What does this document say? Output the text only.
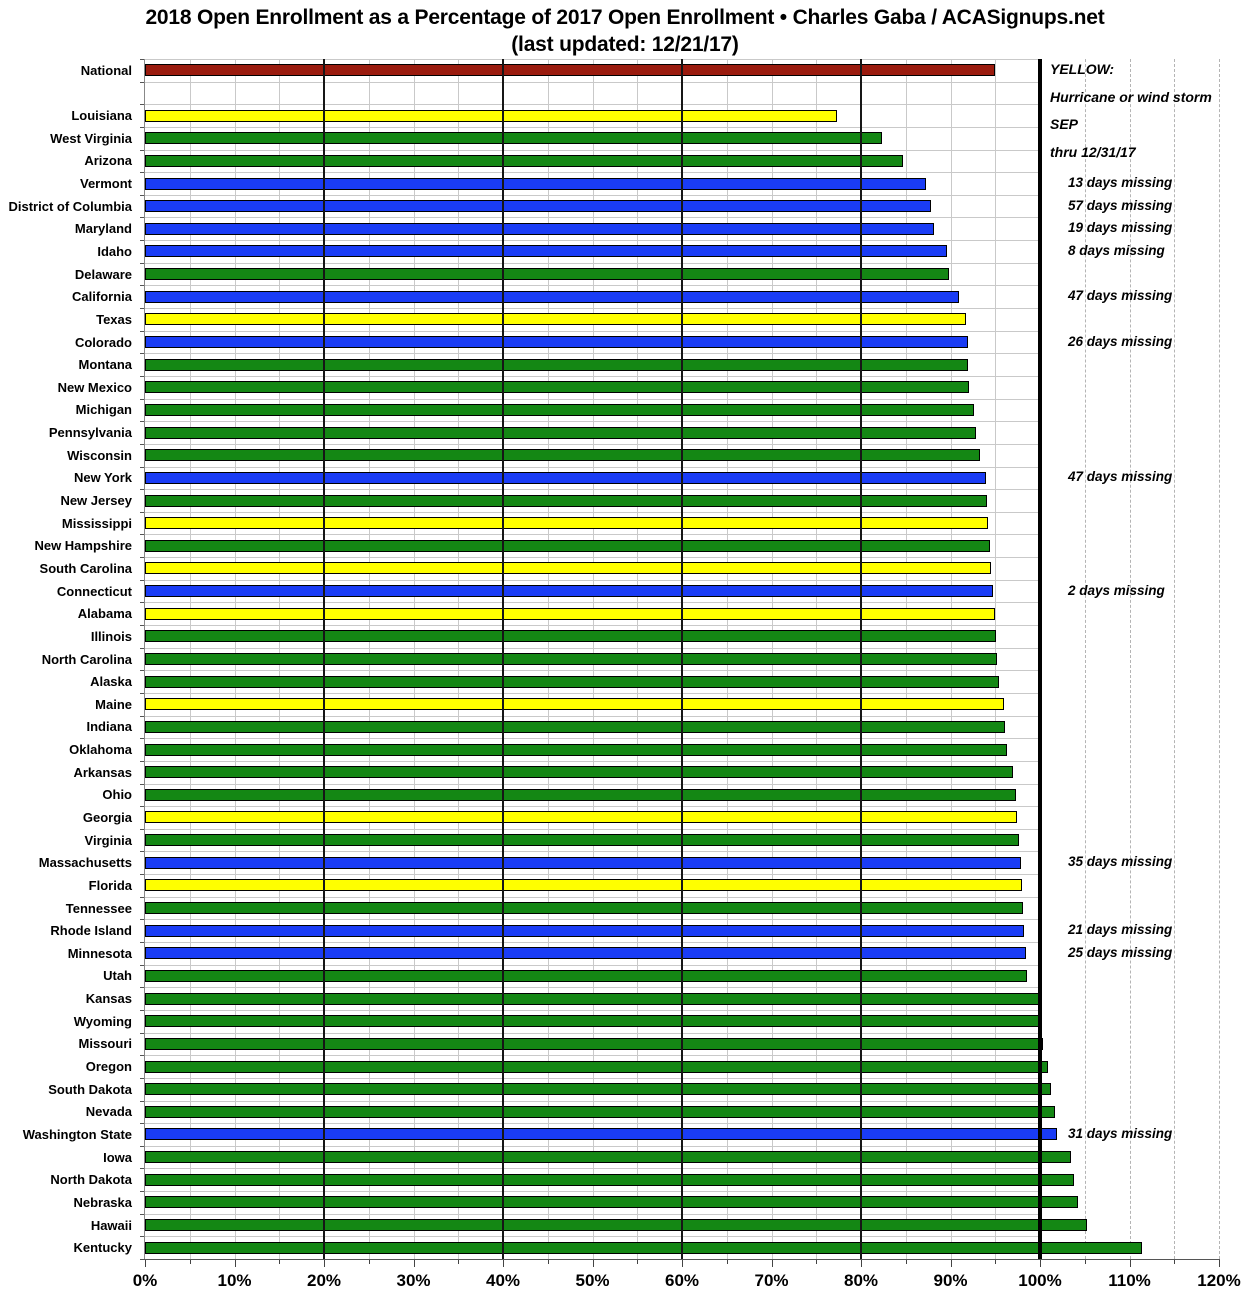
2018 Open Enrollment as a Percentage of 2017 Open Enrollment • Charles Gaba / ACASignups.net
(last updated: 12/21/17)
YELLOW:
Hurricane or wind storm SEP
thru 12/31/17
National
Louisiana
West Virginia
Arizona
Vermont	13 days missing
District of Columbia	57 days missing
Maryland	19 days missing
Idaho	8 days missing
Delaware
California	47 days missing
Texas
Colorado	26 days missing
Montana
New Mexico
Michigan
Pennsylvania
Wisconsin
New York	47 days missing
New Jersey
Mississippi
New Hampshire
South Carolina
Connecticut	2 days missing
Alabama
Illinois
North Carolina
Alaska
Maine
Indiana
Oklahoma
Arkansas
Ohio
Georgia
Virginia
Massachusetts	35 days missing
Florida
Tennessee
Rhode Island	21 days missing
Minnesota	25 days missing
Utah
Kansas
Wyoming
Missouri
Oregon
South Dakota
Nevada
Washington State	31 days missing
Iowa
North Dakota
Nebraska
Hawaii
Kentucky
0%	10%	20%	30%	40%	50%	60%	70%	80%	90%	100%	110%	120%
